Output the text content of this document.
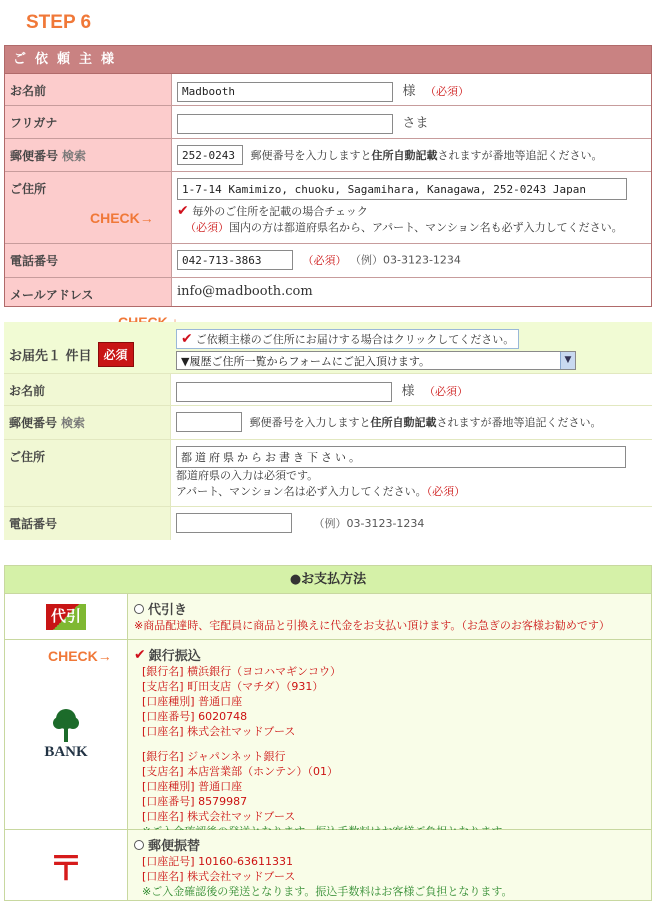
STEP 6
ご依頼主様
お名前
Madbooth	様 （必須）
フリガナ	さま
郵便番号 検索
252-0243	郵便番号を入力しますと住所自動記載されますが番地等追記ください。
ご住所
1-7-14 Kamimizo, chuoku, Sagamihara, Kanagawa, 252-0243 Japan
✔ 毎外のご住所を記載の場合チェック
（必須）国内の方は都道府県名から、アパート、マンション名も必ず入力してください。
電話番号
042-713-3863	（必須） （例）03-3123-1234
メールアドレス	info@madbooth.com
CHECK→
お届先１ 件目	必須
✔ ご依頼主様のご住所にお届けする場合はクリックしてください。
▼履歴ご住所一覧からフォームにご記入頂けます。	▼
お名前	様 （必須）
郵便番号 検索	郵便番号を入力しますと住所自動記載されますが番地等追記ください。
ご住所
都道府県からお書き下さい。
都道府県の入力は必須です。
アパート、マンション名は必ず入力してください。（必須）
電話番号	（例）03-3123-1234
●お支払方法
代引	代引き
※商品配達時、宅配員に商品と引換えに代金をお支払い頂けます。（お急ぎのお客様お勧めです）
BANK
✔ 銀行振込
[銀行名] 横浜銀行（ヨコハマギンコウ）
[支店名] 町田支店（マチダ）（931）
[口座種別] 普通口座
[口座番号] 6020748
[口座名] 株式会社マッドブース
[銀行名] ジャパンネット銀行
[支店名] 本店営業部（ホンテン）（01）
[口座種別] 普通口座
[口座番号] 8579987
[口座名] 株式会社マッドブース
〒
郵便振替
[口座記号] 10160-63611331
[口座名] 株式会社マッドブース
※ご入金確認後の発送となります。振込手数料はお客様ご負担となります。
CHECK→
